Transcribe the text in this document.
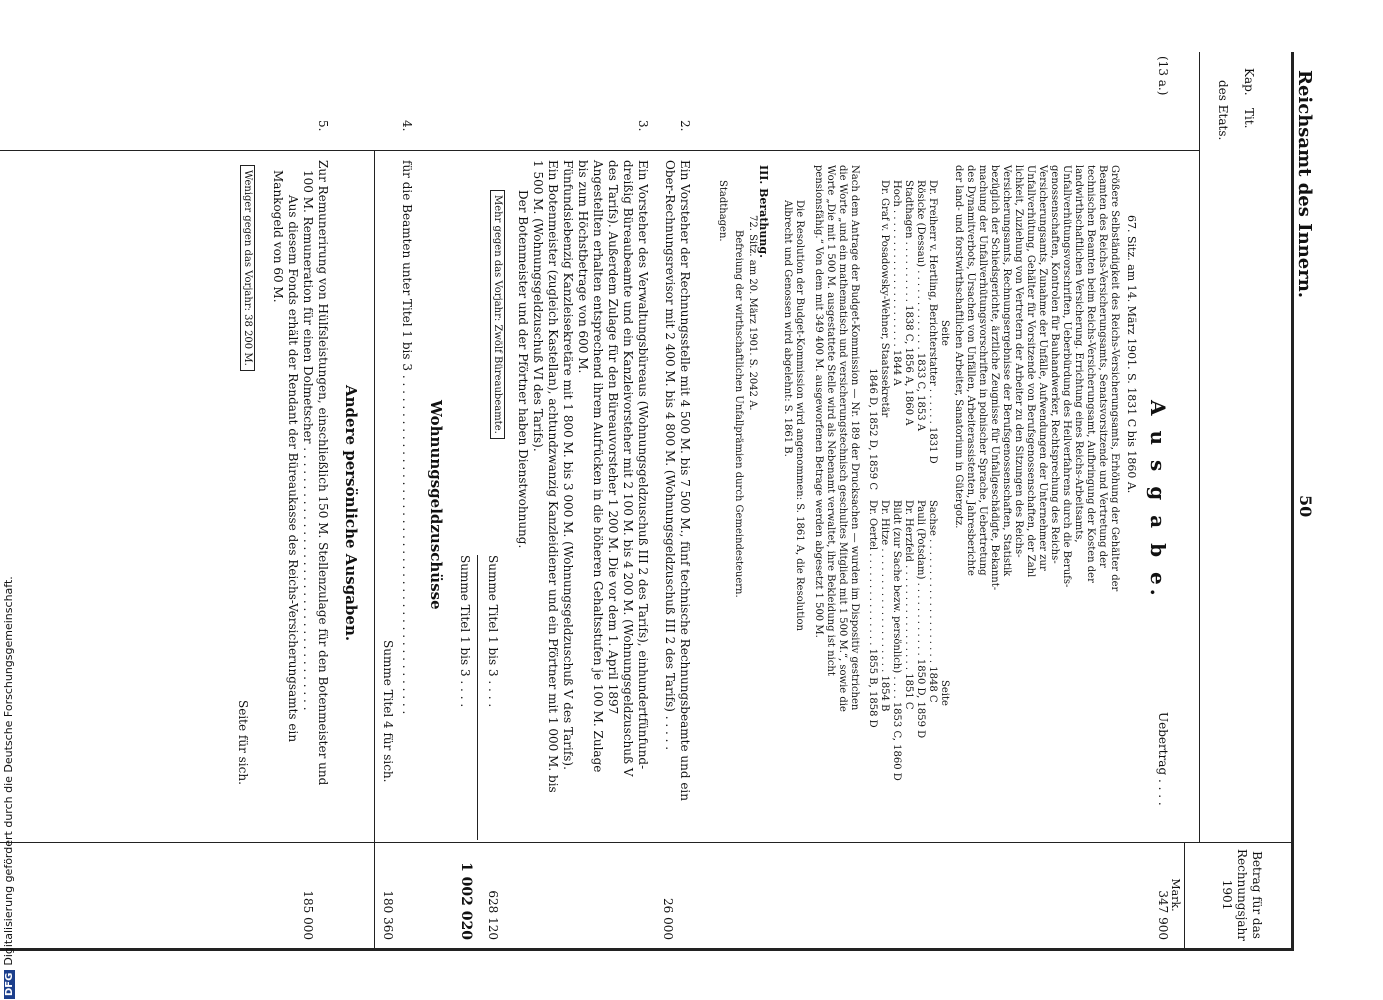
Reichsamt des Innern.
50
Kap.
Tit.
des Etats.
Betrag für das Rechnungsjahr 1901
Mark.
(13 a.)
A u s g a b e.
Uebertrag . . . .
347 900
67. Sitz. am 14. März 1901. S. 1831 C bis 1860 A.
Größere Selbständigkeit des Reichs-Versicherungsamts, Erhöhung der Gehälter der
Beamten des Reichs-Versicherungsamts, Senatsvorsitzende und Vertretung der
technischen Beamten beim Reichs-Versicherungsamt, Aufbringung der Kosten der
landwirthschaftlichen Versicherung. Errichtung eines Reichs-Arbeitsamts,
Unfallverhütungsvorschriften, Ueberbürdung des Heilverfahrens durch die Berufs-
genossenschaften, Kontrolen für Bauhandwerker, Rechtsprechung des Reichs-
Versicherungsamts, Zunahme der Unfälle, Aufwendungen der Unternehmer zur
Unfallverhütung, Gehälter für Vorsitzende von Berufsgenossenschaften, der Zahl
lichkeit, Zuziehung von Vertretern der Arbeiter zu den Sitzungen des Reichs-
Versicherungsamts, Rechnungsergebnisse der Berufsgenossenschaften, Statistik
bezüglich der Schiedsgerichte, ärztliche Zeugnisse für Unfallgeschädigte, Bekannt-
machung der Unfallverhütungsvorschriften in polnischer Sprache, Uebertretung
des Dynamitverbots, Ursachen von Unfällen, Arbeiterassistenten, Jahresberichte
der land- und forstwirthschaftlichen Arbeiter, Sanatorium in Gütergotz.
Seite
Seite
Dr. Freiherr v. Hertling, Berichterstatter . . . . . . 1831 D
Rösicke (Dessau) . . . . . . . . . . . . . 1833 C, 1853 A
Stadthagen . . . . . . . . . . 1838 C, 1856 A, 1860 A
Hoch . . . . . . . . . . . . . . . . . . . . . . 1844 A
Dr. Graf v. Posadowsky-Wehner, Staatssekretär
1846 D, 1852 D, 1859 C
Sachse . . . . . . . . . . . . . . . . . . . . 1848 C
Pauli (Potsdam) . . . . . . . . . . . . 1850 D, 1859 D
Dr. Herzfeld . . . . . . . . . . . . . . . . . 1851 C
Bildt (zur Sache bezw. persönlich) . . . . 1853 C, 1860 D
Dr. Hitze . . . . . . . . . . . . . . . . . . . . 1854 B
Dr. Oertel . . . . . . . . . . . . . . . 1855 B, 1858 D
Nach dem Antrage der Budget-Kommission — Nr. 189 der Drucksachen — wurden im Dispositiv gestrichen
die Worte „und ein mathematisch und versicherungstechnisch geschultes Mitglied mit 1 500 M.“, sowie die
Worte „Die mit 1 500 M. ausgestattete Stelle wird als Nebenamt verwaltet, ihre Bekleidung ist nicht
pensionsfähig.“ Von dem mit 349 400 M. ausgeworfenen Betrage werden abgesetzt 1 500 M.
Die Resolution der Budget-Kommission wird angenommen: S. 1861 A, die Resolution
Albrecht und Genossen wird abgelehnt: S. 1861 B.
III. Berathung.
72. Sitz. am 20. März 1901. S. 2042 A.
Befreiung der wirthschaftlichen Unfallprämien durch Gemeindesteuern.
Stadthagen.
2.
Ein Vorsteher der Rechnungsstelle mit 4 500 M. bis 7 500 M., fünf technische Rechnungsbeamte und ein
Ober-Rechnungsrevisor mit 2 400 M. bis 4 800 M. (Wohnungsgeldzuschuß III 2 des Tarifs) . . . . .
26 000
3.
Ein Vorsteher des Verwaltungsbüreaus (Wohnungsgeldzuschuß III 2 des Tarifs), einhundertfünfund-
dreißig Büreaubeamte und ein Kanzleivorsteher mit 2 100 M. bis 4 200 M. (Wohnungsgeldzuschuß V
des Tarifs). Außerdem Zulage für den Büreauvorsteher 1 200 M. Die vor dem 1. April 1897
Angestellten erhalten entsprechend ihrem Aufrücken in die höheren Gehaltsstufen je 100 M. Zulage
bis zum Höchstbetrage von 600 M.
Fünfundsiebenzig Kanzleisekretäre mit 1 800 M. bis 3 000 M. (Wohnungsgeldzuschuß V des Tarifs).
Ein Botenmeister (zugleich Kastellan), achtundzwanzig Kanzleidiener und ein Pförtner mit 1 000 M. bis
1 500 M. (Wohnungsgeldzuschuß VI des Tarifs).
Der Botenmeister und der Pförtner haben Dienstwohnung.
Mehr gegen das Vorjahr: Zwölf Büreaubeamte.
Summe Titel 1 bis 3 . . . .
628 120
Summe Titel 1 bis 3 . . . .
1 002 020
Wohnungsgeldzuschüsse
4.
für die Beamten unter Titel 1 bis 3 . . . . . . . . . . . . . . . . . . . . . . . . . . . . . . . . . . . . . . . . . . . . .
Summe Titel 4 für sich.
180 360
Andere persönliche Ausgaben.
5.
Zur Remunerirung von Hülfsleistungen, einschließlich 150 M. Stellenzulage für den Botenmeister und
100 M. Remuneration für einen Dolmetscher . . . . . . . . . . . . . . . . . . . . . . . . . . . . . . . . . . .
Aus diesem Fonds erhält der Rendant der Büreaukasse des Reichs-Versicherungsamts ein
Mankogeld von 60 M.
185 000
Weniger gegen das Vorjahr: 38 200 M.
Seite für sich.
DFGDigitalisierung gefördert durch die Deutsche Forschungsgemeinschaft.
